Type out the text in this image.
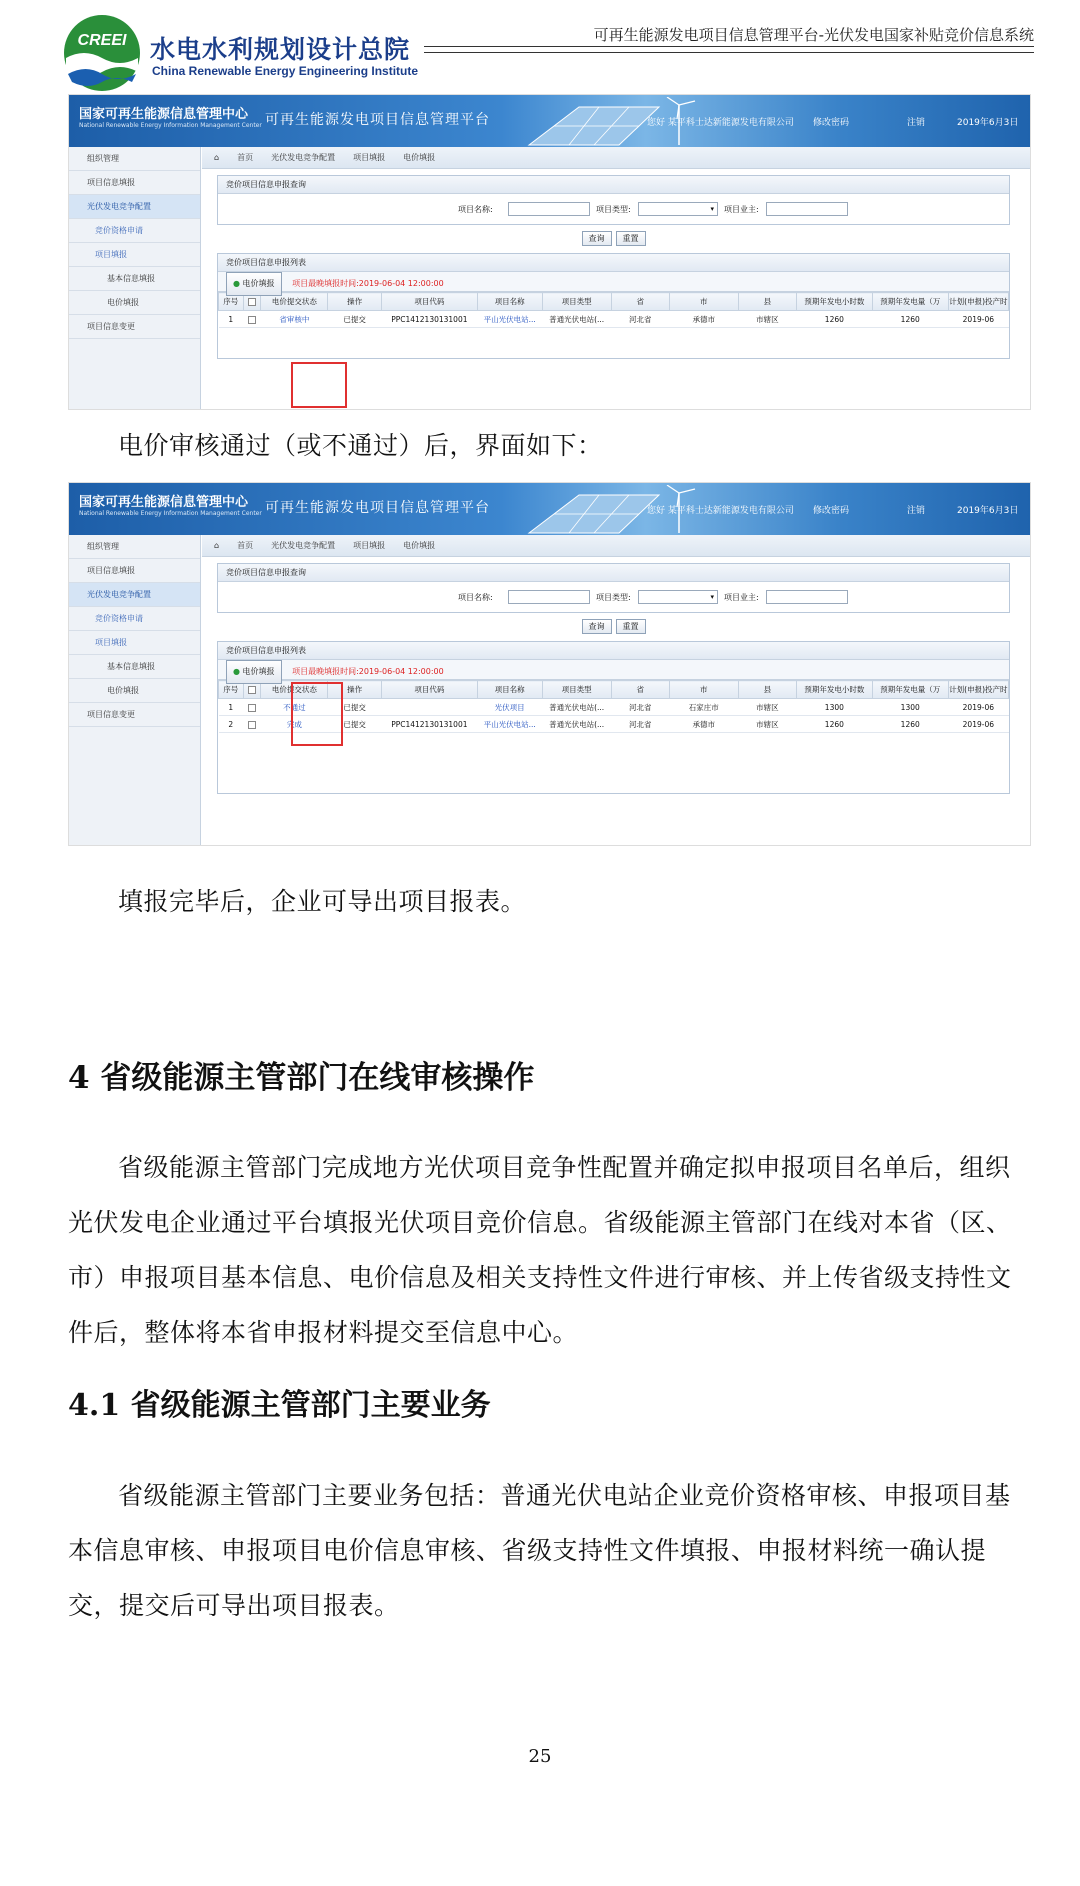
CREEI 水电水利规划设计总院
China Renewable Energy Engineering Institute
可再生能源发电项目信息管理平台-光伏发电国家补贴竞价信息系统
国家可再生能源信息管理中心
National Renewable Energy Information Management Center 可再生能源发电项目信息管理平台	您好 某平科士达新能源发电有限公司 修改密码	注销	2019年6月3日
组织管理
项目信息填报
光伏发电竞争配置
竞价资格申请
项目填报
基本信息填报
电价填报
项目信息变更
⌂ 首页 光伏发电竞争配置 项目填报 电价填报
竞价项目信息申报查询
项目名称:	项目类型:	▾	项目业主:
查询 重置
竞价项目信息申报列表
● 电价填报 项目最晚填报时间:2019-06-04 12:00:00
序号		电价提交状态	操作	项目代码	项目名称	项目类型	省	市	县	预期年发电小时数	预期年发电量（万	计划(申报)投产时
1		省审核中	已提交	PPC1412130131001	平山光伏电站...	普通光伏电站(...	河北省	承德市	市辖区	1260	1260	2019-06
电价审核通过（或不通过）后，界面如下：
国家可再生能源信息管理中心
National Renewable Energy Information Management Center 可再生能源发电项目信息管理平台	您好 某平科士达新能源发电有限公司 修改密码	注销	2019年6月3日
组织管理
项目信息填报
光伏发电竞争配置
竞价资格申请
项目填报
基本信息填报
电价填报
项目信息变更
⌂ 首页 光伏发电竞争配置 项目填报 电价填报
竞价项目信息申报查询
项目名称:	项目类型:	▾	项目业主:
查询 重置
竞价项目信息申报列表
● 电价填报 项目最晚填报时间:2019-06-04 12:00:00
序号		电价提交状态	操作	项目代码	项目名称	项目类型	省	市	县	预期年发电小时数	预期年发电量（万	计划(申报)投产时
1		不通过	已提交		光伏项目	普通光伏电站(...	河北省	石家庄市	市辖区	1300	1300	2019-06
2		完成	已提交	PPC1412130131001	平山光伏电站...	普通光伏电站(...	河北省	承德市	市辖区	1260	1260	2019-06
填报完毕后，企业可导出项目报表。
4 省级能源主管部门在线审核操作
省级能源主管部门完成地方光伏项目竞争性配置并确定拟申报项目名单后，组织光伏发电企业通过平台填报光伏项目竞价信息。省级能源主管部门在线对本省（区、市）申报项目基本信息、电价信息及相关支持性文件进行审核、并上传省级支持性文件后，整体将本省申报材料提交至信息中心。
4.1 省级能源主管部门主要业务
省级能源主管部门主要业务包括：普通光伏电站企业竞价资格审核、申报项目基本信息审核、申报项目电价信息审核、省级支持性文件填报、申报材料统一确认提交，提交后可导出项目报表。
25
